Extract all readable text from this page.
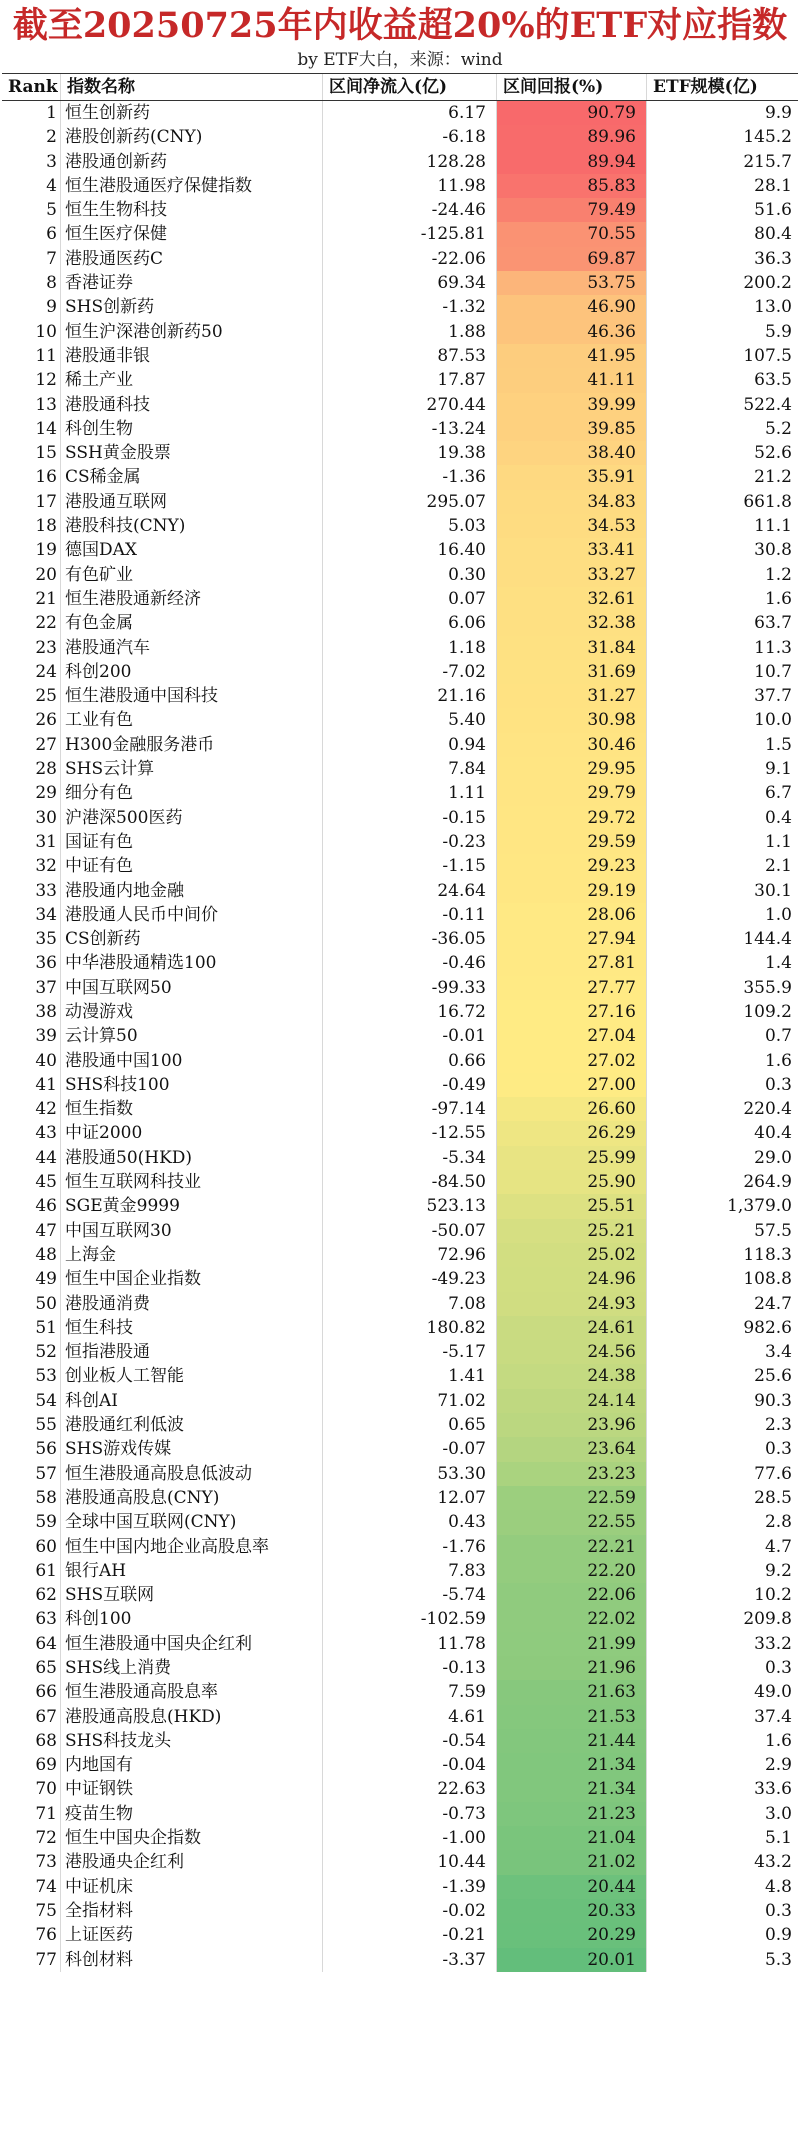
截至20250725年内收益超20%的ETF对应指数
by ETF大白，来源：wind
Rank 指数名称	区间净流入(亿)	区间回报(%)	ETF规模(亿)
1 恒生创新药	6.17	90.79	9.9
2 港股创新药(CNY)	-6.18	89.96	145.2
3 港股通创新药	128.28	89.94	215.7
4 恒生港股通医疗保健指数	11.98	85.83	28.1
5 恒生生物科技	-24.46	79.49	51.6
6 恒生医疗保健	-125.81	70.55	80.4
7 港股通医药C	-22.06	69.87	36.3
8 香港证券	69.34	53.75	200.2
9 SHS创新药	-1.32	46.90	13.0
10 恒生沪深港创新药50	1.88	46.36	5.9
11 港股通非银	87.53	41.95	107.5
12 稀土产业	17.87	41.11	63.5
13 港股通科技	270.44	39.99	522.4
14 科创生物	-13.24	39.85	5.2
15 SSH黄金股票	19.38	38.40	52.6
16 CS稀金属	-1.36	35.91	21.2
17 港股通互联网	295.07	34.83	661.8
18 港股科技(CNY)	5.03	34.53	11.1
19 德国DAX	16.40	33.41	30.8
20 有色矿业	0.30	33.27	1.2
21 恒生港股通新经济	0.07	32.61	1.6
22 有色金属	6.06	32.38	63.7
23 港股通汽车	1.18	31.84	11.3
24 科创200	-7.02	31.69	10.7
25 恒生港股通中国科技	21.16	31.27	37.7
26 工业有色	5.40	30.98	10.0
27 H300金融服务港币	0.94	30.46	1.5
28 SHS云计算	7.84	29.95	9.1
29 细分有色	1.11	29.79	6.7
30 沪港深500医药	-0.15	29.72	0.4
31 国证有色	-0.23	29.59	1.1
32 中证有色	-1.15	29.23	2.1
33 港股通内地金融	24.64	29.19	30.1
34 港股通人民币中间价	-0.11	28.06	1.0
35 CS创新药	-36.05	27.94	144.4
36 中华港股通精选100	-0.46	27.81	1.4
37 中国互联网50	-99.33	27.77	355.9
38 动漫游戏	16.72	27.16	109.2
39 云计算50	-0.01	27.04	0.7
40 港股通中国100	0.66	27.02	1.6
41 SHS科技100	-0.49	27.00	0.3
42 恒生指数	-97.14	26.60	220.4
43 中证2000	-12.55	26.29	40.4
44 港股通50(HKD)	-5.34	25.99	29.0
45 恒生互联网科技业	-84.50	25.90	264.9
46 SGE黄金9999	523.13	25.51	1,379.0
47 中国互联网30	-50.07	25.21	57.5
48 上海金	72.96	25.02	118.3
49 恒生中国企业指数	-49.23	24.96	108.8
50 港股通消费	7.08	24.93	24.7
51 恒生科技	180.82	24.61	982.6
52 恒指港股通	-5.17	24.56	3.4
53 创业板人工智能	1.41	24.38	25.6
54 科创AI	71.02	24.14	90.3
55 港股通红利低波	0.65	23.96	2.3
56 SHS游戏传媒	-0.07	23.64	0.3
57 恒生港股通高股息低波动	53.30	23.23	77.6
58 港股通高股息(CNY)	12.07	22.59	28.5
59 全球中国互联网(CNY)	0.43	22.55	2.8
60 恒生中国内地企业高股息率	-1.76	22.21	4.7
61 银行AH	7.83	22.20	9.2
62 SHS互联网	-5.74	22.06	10.2
63 科创100	-102.59	22.02	209.8
64 恒生港股通中国央企红利	11.78	21.99	33.2
65 SHS线上消费	-0.13	21.96	0.3
66 恒生港股通高股息率	7.59	21.63	49.0
67 港股通高股息(HKD)	4.61	21.53	37.4
68 SHS科技龙头	-0.54	21.44	1.6
69 内地国有	-0.04	21.34	2.9
70 中证钢铁	22.63	21.34	33.6
71 疫苗生物	-0.73	21.23	3.0
72 恒生中国央企指数	-1.00	21.04	5.1
73 港股通央企红利	10.44	21.02	43.2
74 中证机床	-1.39	20.44	4.8
75 全指材料	-0.02	20.33	0.3
76 上证医药	-0.21	20.29	0.9
77 科创材料	-3.37	20.01	5.3
雪球：ETF大白
